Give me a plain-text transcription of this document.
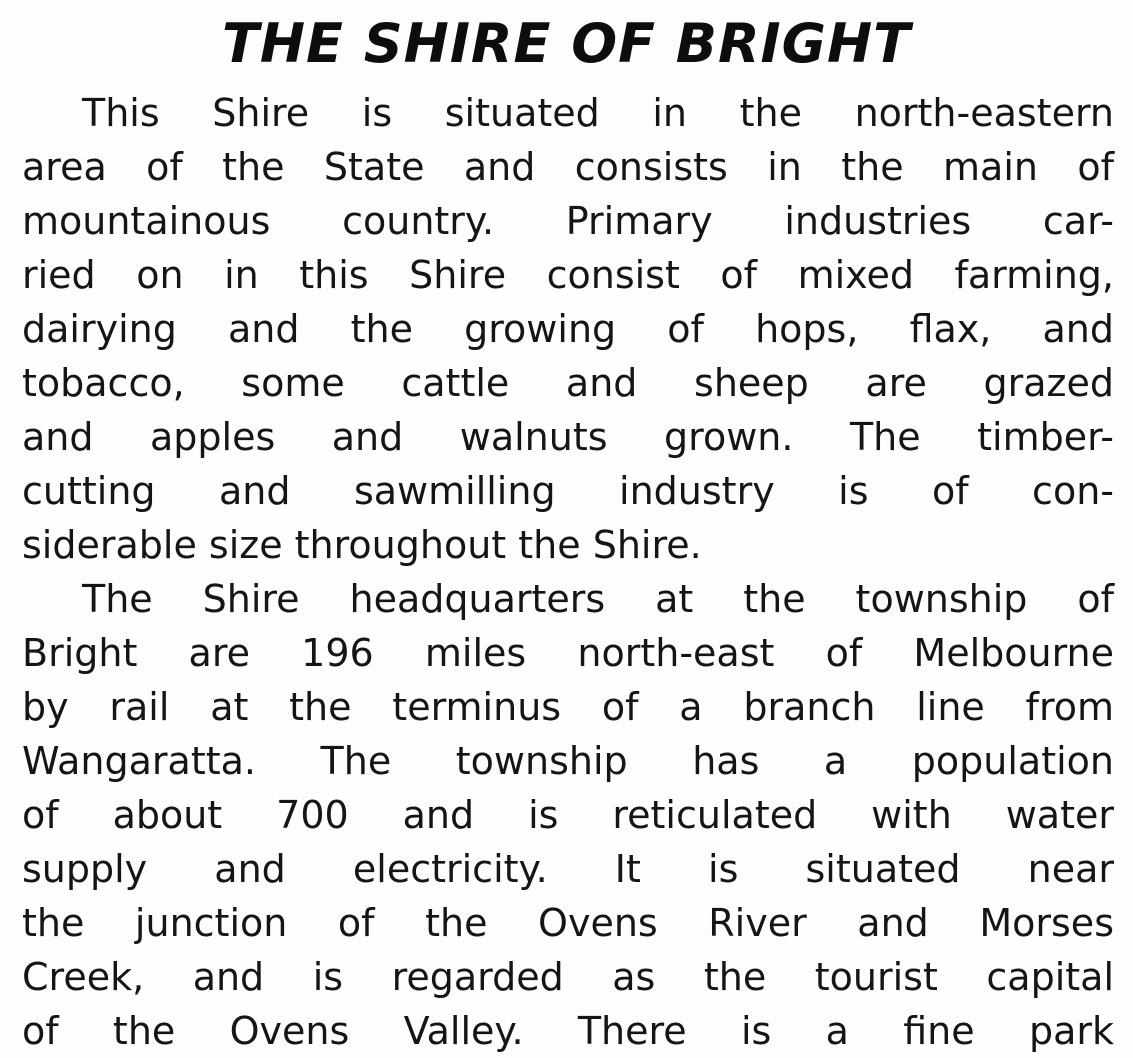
THE SHIRE OF BRIGHT
This Shire is situated in the north-eastern
area of the State and consists in the main of
mountainous country. Primary industries car-
ried on in this Shire consist of mixed farming,
dairying and the growing of hops, flax, and
tobacco, some cattle and sheep are grazed
and apples and walnuts grown. The timber-
cutting and sawmilling industry is of con-
siderable size throughout the Shire.
The Shire headquarters at the township of
Bright are 196 miles north-east of Melbourne
by rail at the terminus of a branch line from
Wangaratta. The township has a population
of about 700 and is reticulated with water
supply and electricity. It is situated near
the junction of the Ovens River and Morses
Creek, and is regarded as the tourist capital
of the Ovens Valley. There is a fine park
